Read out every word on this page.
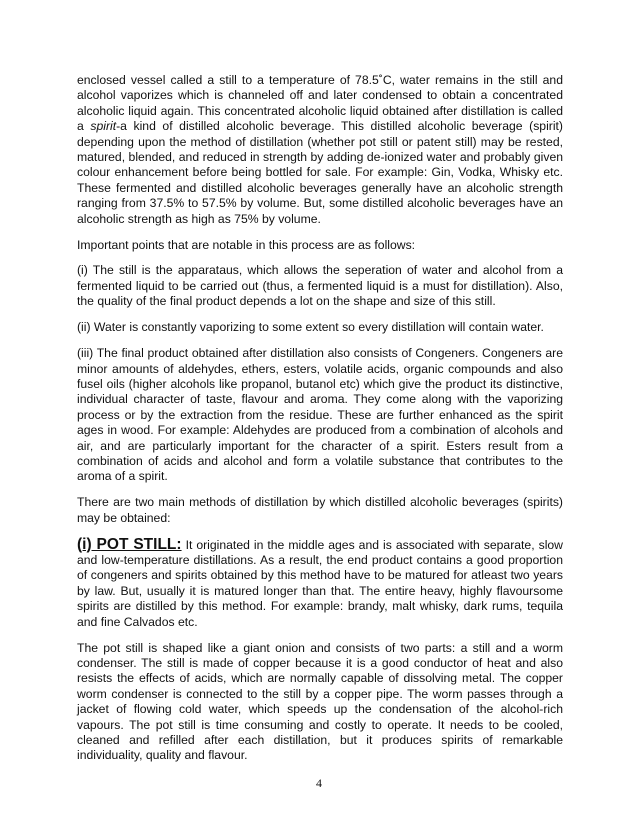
enclosed vessel called a still to a temperature of 78.5˚C, water remains in the still and alcohol vaporizes which is channeled off and later condensed to obtain a concentrated alcoholic liquid again. This concentrated alcoholic liquid obtained after distillation is called a spirit-a kind of distilled alcoholic beverage. This distilled alcoholic beverage (spirit) depending upon the method of distillation (whether pot still or patent still) may be rested, matured, blended, and reduced in strength by adding de-ionized water and probably given colour enhancement before being bottled for sale. For example: Gin, Vodka, Whisky etc. These fermented and distilled alcoholic beverages generally have an alcoholic strength ranging from 37.5% to 57.5% by volume. But, some distilled alcoholic beverages have an alcoholic strength as high as 75% by volume.

Important points that are notable in this process are as follows:

(i) The still is the apparataus, which allows the seperation of water and alcohol from a fermented liquid to be carried out (thus, a fermented liquid is a must for distillation). Also, the quality of the final product depends a lot on the shape and size of this still.

(ii) Water is constantly vaporizing to some extent so every distillation will contain water.

(iii) The final product obtained after distillation also consists of Congeners. Congeners are minor amounts of aldehydes, ethers, esters, volatile acids, organic compounds and also fusel oils (higher alcohols like propanol, butanol etc) which give the product its distinctive, individual character of taste, flavour and aroma. They come along with the vaporizing process or by the extraction from the residue. These are further enhanced as the spirit ages in wood. For example: Aldehydes are produced from a combination of alcohols and air, and are particularly important for the character of a spirit. Esters result from a combination of acids and alcohol and form a volatile substance that contributes to the aroma of a spirit.

There are two main methods of distillation by which distilled alcoholic beverages (spirits) may be obtained:

(i) POT STILL: It originated in the middle ages and is associated with separate, slow and low-temperature distillations. As a result, the end product contains a good proportion of congeners and spirits obtained by this method have to be matured for atleast two years by law. But, usually it is matured longer than that. The entire heavy, highly flavoursome spirits are distilled by this method. For example: brandy, malt whisky, dark rums, tequila and fine Calvados etc.

The pot still is shaped like a giant onion and consists of two parts: a still and a worm condenser. The still is made of copper because it is a good conductor of heat and also resists the effects of acids, which are normally capable of dissolving metal. The copper worm condenser is connected to the still by a copper pipe. The worm passes through a jacket of flowing cold water, which speeds up the condensation of the alcohol-rich vapours. The pot still is time consuming and costly to operate. It needs to be cooled, cleaned and refilled after each distillation, but it produces spirits of remarkable individuality, quality and flavour.

4
